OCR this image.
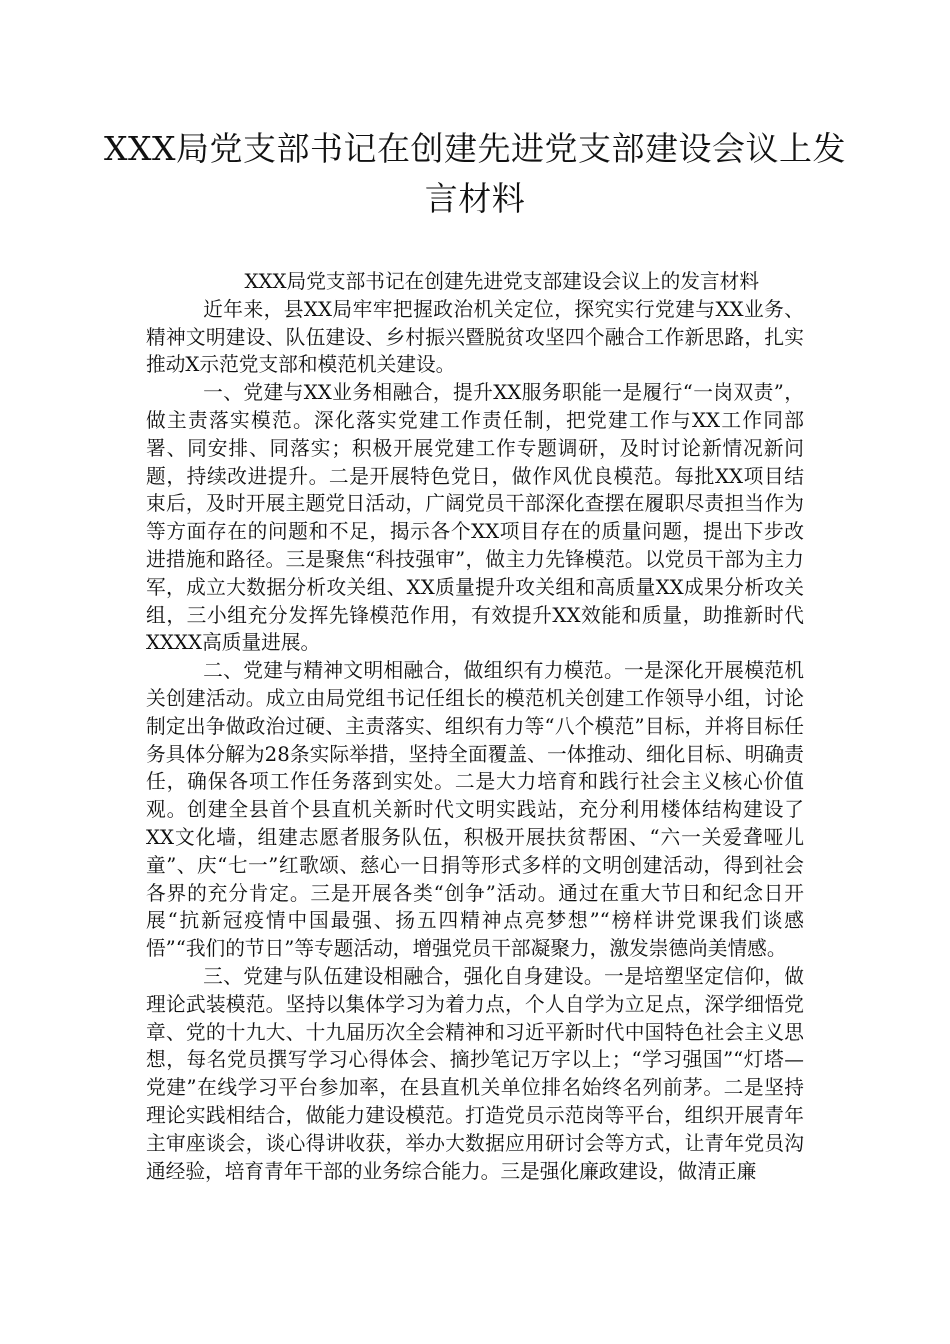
XXX局党支部书记在创建先进党支部建设会议上发言材料

XXX局党支部书记在创建先进党支部建设会议上的发言材料

近年来，县XX局牢牢把握政治机关定位，探究实行党建与XX业务、精神文明建设、队伍建设、乡村振兴暨脱贫攻坚四个融合工作新思路，扎实推动X示范党支部和模范机关建设。

一、党建与XX业务相融合，提升XX服务职能一是履行“一岗双责”，做主责落实模范。深化落实党建工作责任制，把党建工作与XX工作同部署、同安排、同落实；积极开展党建工作专题调研，及时讨论新情况新问题，持续改进提升。二是开展特色党日，做作风优良模范。每批XX项目结束后，及时开展主题党日活动，广阔党员干部深化查摆在履职尽责担当作为等方面存在的问题和不足，揭示各个XX项目存在的质量问题，提出下步改进措施和路径。三是聚焦“科技强审”，做主力先锋模范。以党员干部为主力军，成立大数据分析攻关组、XX质量提升攻关组和高质量XX成果分析攻关组，三小组充分发挥先锋模范作用，有效提升XX效能和质量，助推新时代XXXX高质量进展。

二、党建与精神文明相融合，做组织有力模范。一是深化开展模范机关创建活动。成立由局党组书记任组长的模范机关创建工作领导小组，讨论制定出争做政治过硬、主责落实、组织有力等“八个模范”目标，并将目标任务具体分解为28条实际举措，坚持全面覆盖、一体推动、细化目标、明确责任，确保各项工作任务落到实处。二是大力培育和践行社会主义核心价值观。创建全县首个县直机关新时代文明实践站，充分利用楼体结构建设了XX文化墙，组建志愿者服务队伍，积极开展扶贫帮困、“六一关爱聋哑儿童”、庆“七一”红歌颂、慈心一日捐等形式多样的文明创建活动，得到社会各界的充分肯定。三是开展各类“创争”活动。通过在重大节日和纪念日开展“抗新冠疫情中国最强、扬五四精神点亮梦想”“榜样讲党课我们谈感悟”“我们的节日”等专题活动，增强党员干部凝聚力，激发崇德尚美情感。

三、党建与队伍建设相融合，强化自身建设。一是培塑坚定信仰，做理论武装模范。坚持以集体学习为着力点，个人自学为立足点，深学细悟党章、党的十九大、十九届历次全会精神和习近平新时代中国特色社会主义思想，每名党员撰写学习心得体会、摘抄笔记万字以上；“学习强国”“灯塔—党建”在线学习平台参加率，在县直机关单位排名始终名列前茅。二是坚持理论实践相结合，做能力建设模范。打造党员示范岗等平台，组织开展青年主审座谈会，谈心得讲收获，举办大数据应用研讨会等方式，让青年党员沟通经验，培育青年干部的业务综合能力。三是强化廉政建设，做清正廉
